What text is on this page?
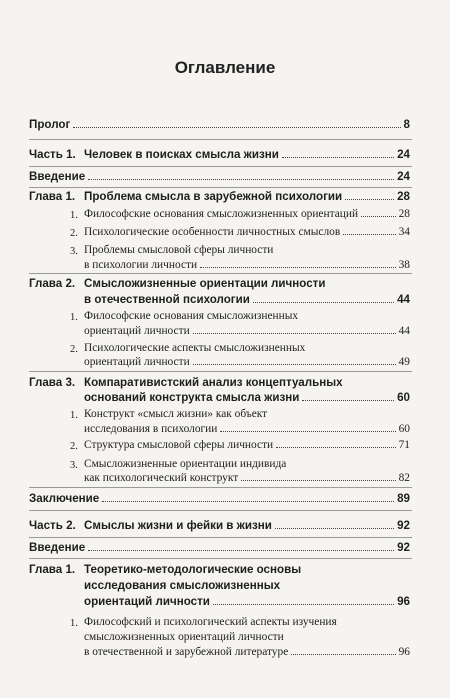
Оглавление
Пролог	8
Часть 1. Человек в поисках смысла жизни	24
Введение	24
Глава 1. Проблема смысла в зарубежной психологии	28
1. Философские основания смысложизненных ориентаций	28
2. Психологические особенности личностных смыслов	34
3. Проблемы смысловой сферы личности
в психологии личности	38
Глава 2. Смысложизненные ориентации личности
в отечественной психологии	44
1. Философские основания смысложизненных
ориентаций личности	44
2. Психологические аспекты смысложизненных
ориентаций личности	49
Глава 3. Компаративистский анализ концептуальных
оснований конструкта смысла жизни	60
1. Конструкт «смысл жизни» как объект
исследования в психологии	60
2. Структура смысловой сферы личности	71
3. Смысложизненные ориентации индивида
как психологический конструкт	82
Заключение	89
Часть 2. Смыслы жизни и фейки в жизни	92
Введение	92
Глава 1. Теоретико-методологические основы
исследования смысложизненных
ориентаций личности	96
1. Философский и психологический аспекты изучения
смысложизненных ориентаций личности
в отечественной и зарубежной литературе	96
